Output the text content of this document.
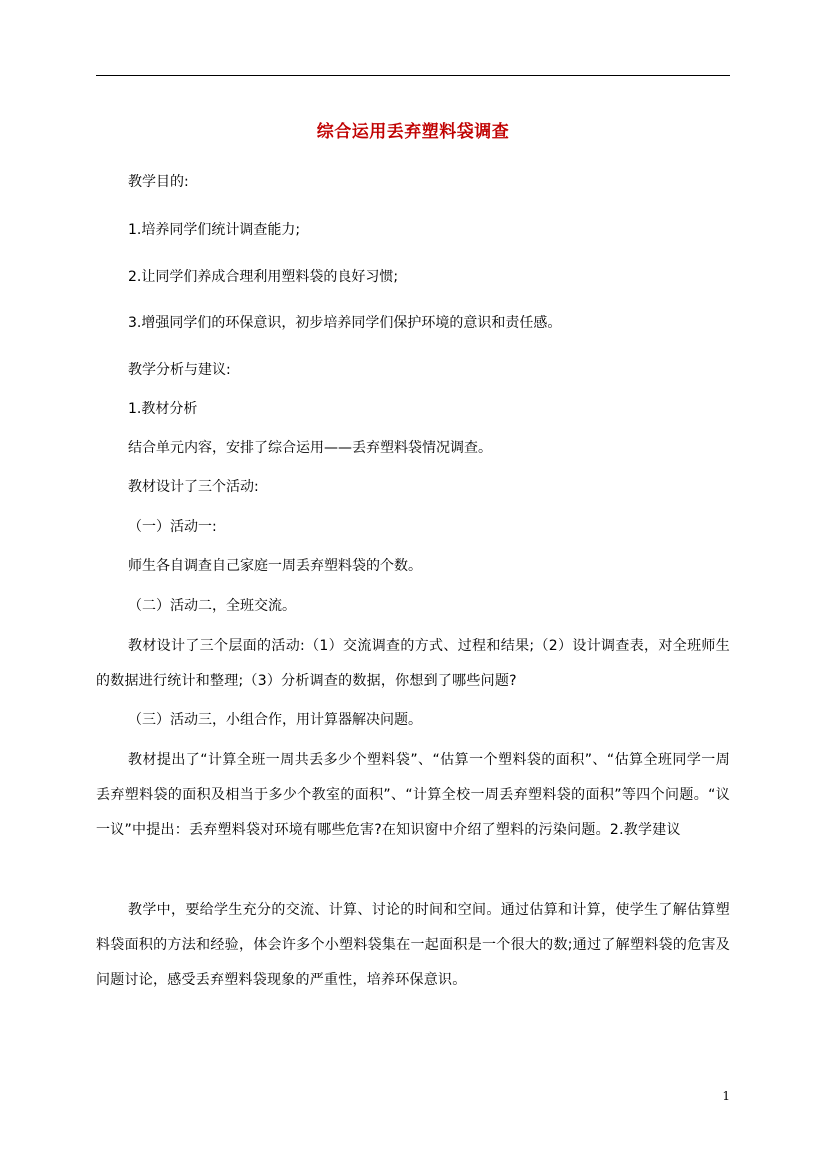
综合运用丢弃塑料袋调查
教学目的:
1.培养同学们统计调查能力;
2.让同学们养成合理利用塑料袋的良好习惯;
3.增强同学们的环保意识，初步培养同学们保护环境的意识和责任感。
教学分析与建议:
1.教材分析
结合单元内容，安排了综合运用——丢弃塑料袋情况调查。
教材设计了三个活动:
（一）活动一:
师生各自调查自己家庭一周丢弃塑料袋的个数。
（二）活动二，全班交流。
教材设计了三个层面的活动:（1）交流调查的方式、过程和结果;（2）设计调查表，对全班师生的数据进行统计和整理;（3）分析调查的数据，你想到了哪些问题?
（三）活动三，小组合作，用计算器解决问题。
教材提出了“计算全班一周共丢多少个塑料袋”、“估算一个塑料袋的面积”、“估算全班同学一周丢弃塑料袋的面积及相当于多少个教室的面积”、“计算全校一周丢弃塑料袋的面积”等四个问题。“议一议”中提出：丢弃塑料袋对环境有哪些危害?在知识窗中介绍了塑料的污染问题。2.教学建议
教学中，要给学生充分的交流、计算、讨论的时间和空间。通过估算和计算，使学生了解估算塑料袋面积的方法和经验，体会许多个小塑料袋集在一起面积是一个很大的数;通过了解塑料袋的危害及问题讨论，感受丢弃塑料袋现象的严重性，培养环保意识。
1
